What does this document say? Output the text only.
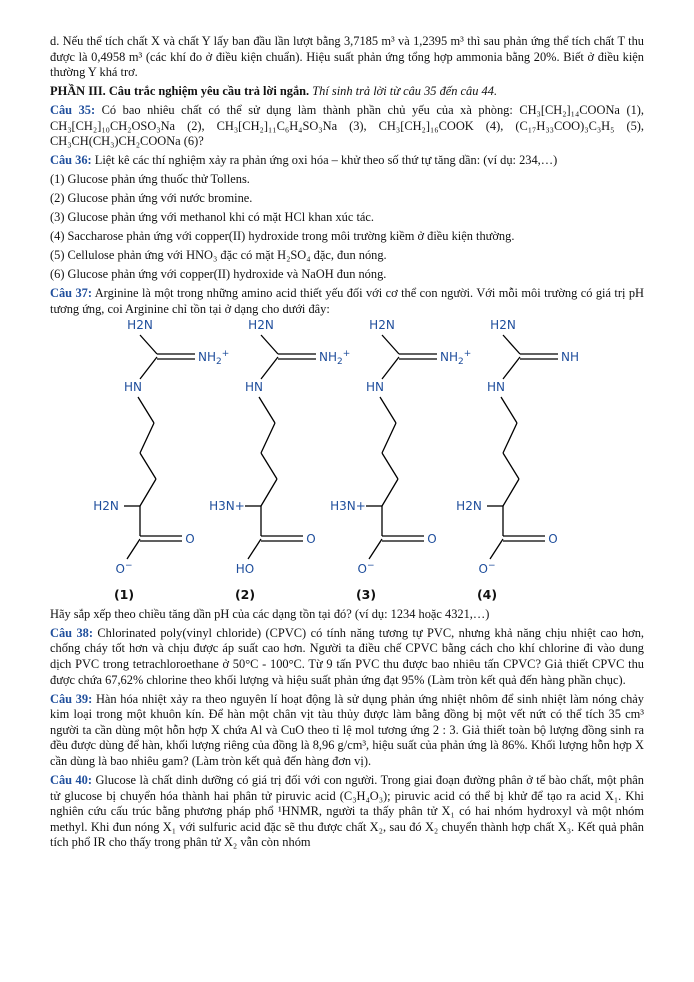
d. Nếu thể tích chất X và chất Y lấy ban đầu lần lượt bằng 3,7185 m³ và 1,2395 m³ thì sau phản ứng thể tích chất T thu được là 0,4958 m³ (các khí đo ở điều kiện chuẩn). Hiệu suất phản ứng tổng hợp ammonia bằng 20%. Biết ở điều kiện thường Y khá trơ.

PHẦN III. Câu trắc nghiệm yêu cầu trả lời ngắn. Thí sinh trả lời từ câu 35 đến câu 44.

Câu 35: Có bao nhiêu chất có thể sử dụng làm thành phần chủ yếu của xà phòng: CH₃[CH₂]₁₄COONa (1), CH₃[CH₂]₁₀CH₂OSO₃Na (2), CH₃[CH₂]₁₁C₆H₄SO₃Na (3), CH₃[CH₂]₁₆COOK (4), (C₁₇H₃₃COO)₃C₃H₅ (5), CH₃CH(CH₃)CH₂COONa (6)?

Câu 36: Liệt kê các thí nghiệm xảy ra phản ứng oxi hóa – khử theo số thứ tự tăng dần: (ví dụ: 234,…)

(1) Glucose phản ứng thuốc thử Tollens.

(2) Glucose phản ứng với nước bromine.

(3) Glucose phản ứng với methanol khi có mặt HCl khan xúc tác.

(4) Saccharose phản ứng với copper(II) hydroxide trong môi trường kiềm ở điều kiện thường.

(5) Cellulose phản ứng với HNO₃ đặc có mặt H₂SO₄ đặc, đun nóng.

(6) Glucose phản ứng với copper(II) hydroxide và NaOH đun nóng.

Câu 37: Arginine là một trong những amino acid thiết yếu đối với cơ thể con người. Với mỗi môi trường có giá trị pH tương ứng, coi Arginine chỉ tồn tại ở dạng cho dưới đây:

H2N
$NH_2^+$
HN
H2N
O
O−
(1)
H2N
$NH_2^+$
HN
H3N+
O
HO
(2)
H2N
$NH_2^+$
HN
H3N+
O
O−
(3)
H2N
NH
HN
H2N
O
O−
(4)

Hãy sắp xếp theo chiều tăng dần pH của các dạng tồn tại đó? (ví dụ: 1234 hoặc 4321,…)

Câu 38: Chlorinated poly(vinyl chloride) (CPVC) có tính năng tương tự PVC, nhưng khả năng chịu nhiệt cao hơn, chống cháy tốt hơn và chịu được áp suất cao hơn. Người ta điều chế CPVC bằng cách cho khí chlorine đi vào dung dịch PVC trong tetrachloroethane ở 50°C - 100°C. Từ 9 tấn PVC thu được bao nhiêu tấn CPVC? Giả thiết CPVC thu được chứa 67,62% chlorine theo khối lượng và hiệu suất phản ứng đạt 95% (Làm tròn kết quả đến hàng phần chục).

Câu 39: Hàn hóa nhiệt xảy ra theo nguyên lí hoạt động là sử dụng phản ứng nhiệt nhôm để sinh nhiệt làm nóng chảy kim loại trong một khuôn kín. Để hàn một chân vịt tàu thủy được làm bằng đồng bị một vết nứt có thể tích 35 cm³ người ta cần dùng một hỗn hợp X chứa Al và CuO theo tỉ lệ mol tương ứng 2 : 3. Giả thiết toàn bộ lượng đồng sinh ra đều được dùng để hàn, khối lượng riêng của đồng là 8,96 g/cm³, hiệu suất của phản ứng là 86%. Khối lượng hỗn hợp X cần dùng là bao nhiêu gam? (Làm tròn kết quả đến hàng đơn vị).

Câu 40: Glucose là chất dinh dưỡng có giá trị đối với con người. Trong giai đoạn đường phân ở tế bào chất, một phân tử glucose bị chuyển hóa thành hai phân tử piruvic acid (C₃H₄O₃); piruvic acid có thể bị khử để tạo ra acid X₁. Khi nghiên cứu cấu trúc bằng phương pháp phổ ¹HNMR, người ta thấy phân tử X₁ có hai nhóm hydroxyl và một nhóm methyl. Khi đun nóng X₁ với sulfuric acid đặc sẽ thu được chất X₂, sau đó X₂ chuyển thành hợp chất X₃. Kết quả phân tích phổ IR cho thấy trong phân tử X₂ vẫn còn nhóm
